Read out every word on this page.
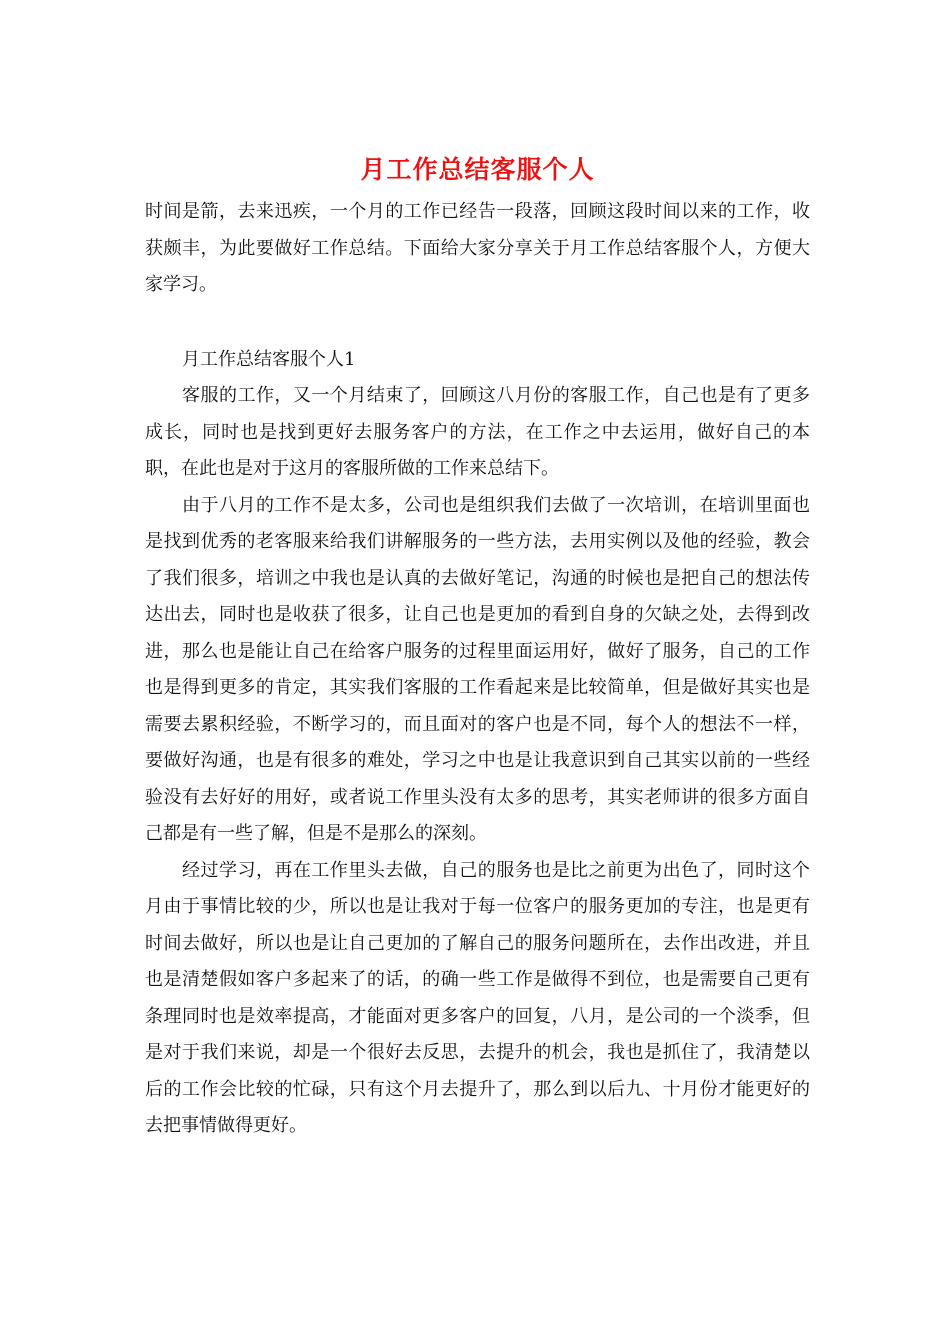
月工作总结客服个人

时间是箭，去来迅疾，一个月的工作已经告一段落，回顾这段时间以来的工作，收获颇丰，为此要做好工作总结。下面给大家分享关于月工作总结客服个人，方便大家学习。

月工作总结客服个人1

客服的工作，又一个月结束了，回顾这八月份的客服工作，自己也是有了更多成长，同时也是找到更好去服务客户的方法，在工作之中去运用，做好自己的本职，在此也是对于这月的客服所做的工作来总结下。

由于八月的工作不是太多，公司也是组织我们去做了一次培训，在培训里面也是找到优秀的老客服来给我们讲解服务的一些方法，去用实例以及他的经验，教会了我们很多，培训之中我也是认真的去做好笔记，沟通的时候也是把自己的想法传达出去，同时也是收获了很多，让自己也是更加的看到自身的欠缺之处，去得到改进，那么也是能让自己在给客户服务的过程里面运用好，做好了服务，自己的工作也是得到更多的肯定，其实我们客服的工作看起来是比较简单，但是做好其实也是需要去累积经验，不断学习的，而且面对的客户也是不同，每个人的想法不一样，要做好沟通，也是有很多的难处，学习之中也是让我意识到自己其实以前的一些经验没有去好好的用好，或者说工作里头没有太多的思考，其实老师讲的很多方面自己都是有一些了解，但是不是那么的深刻。

经过学习，再在工作里头去做，自己的服务也是比之前更为出色了，同时这个月由于事情比较的少，所以也是让我对于每一位客户的服务更加的专注，也是更有时间去做好，所以也是让自己更加的了解自己的服务问题所在，去作出改进，并且也是清楚假如客户多起来了的话，的确一些工作是做得不到位，也是需要自己更有条理同时也是效率提高，才能面对更多客户的回复，八月，是公司的一个淡季，但是对于我们来说，却是一个很好去反思，去提升的机会，我也是抓住了，我清楚以后的工作会比较的忙碌，只有这个月去提升了，那么到以后九、十月份才能更好的去把事情做得更好。
